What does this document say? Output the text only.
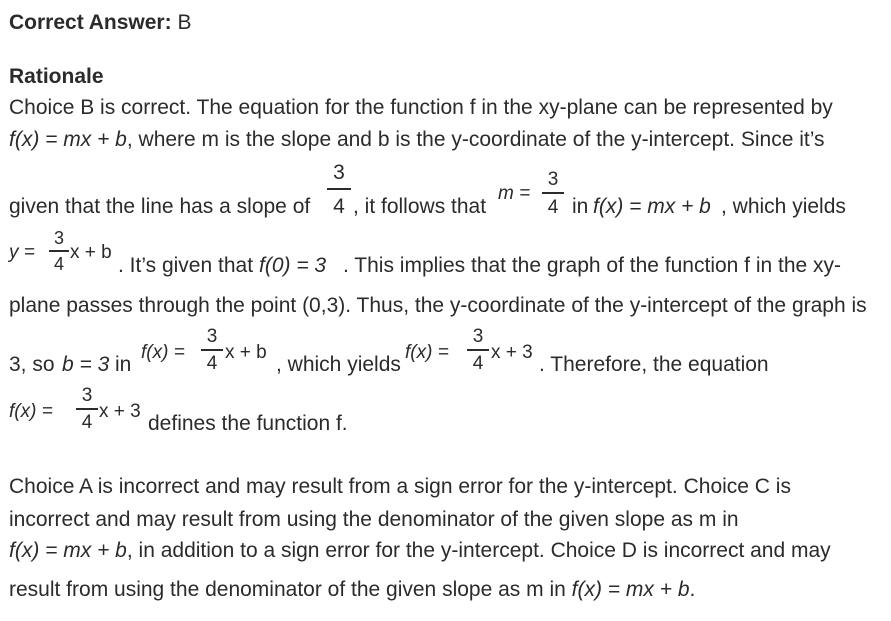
Correct Answer: B
Rationale
Choice B is correct. The equation for the function f in the xy-plane can be represented by
f(x) = mx + b, where m is the slope and b is the y-coordinate of the y-intercept. Since it’s
given that the line has a slope of
3
4 , it follows that
m =
3
4 in f(x) = mx + b , which yields
y =
3
4
x + b
. It’s given that f(0) = 3 . This implies that the graph of the function f in the xy-
plane passes through the point (0,3). Thus, the y-coordinate of the y-intercept of the graph is
3, so b = 3 in
f(x) =
3
4
x + b
, which yields
f(x) =
3
4
x + 3
. Therefore, the equation
f(x) =
3
4
x + 3
defines the function f.
Choice A is incorrect and may result from a sign error for the y-intercept. Choice C is
incorrect and may result from using the denominator of the given slope as m in
f(x) = mx + b, in addition to a sign error for the y-intercept. Choice D is incorrect and may
result from using the denominator of the given slope as m in f(x) = mx + b.
